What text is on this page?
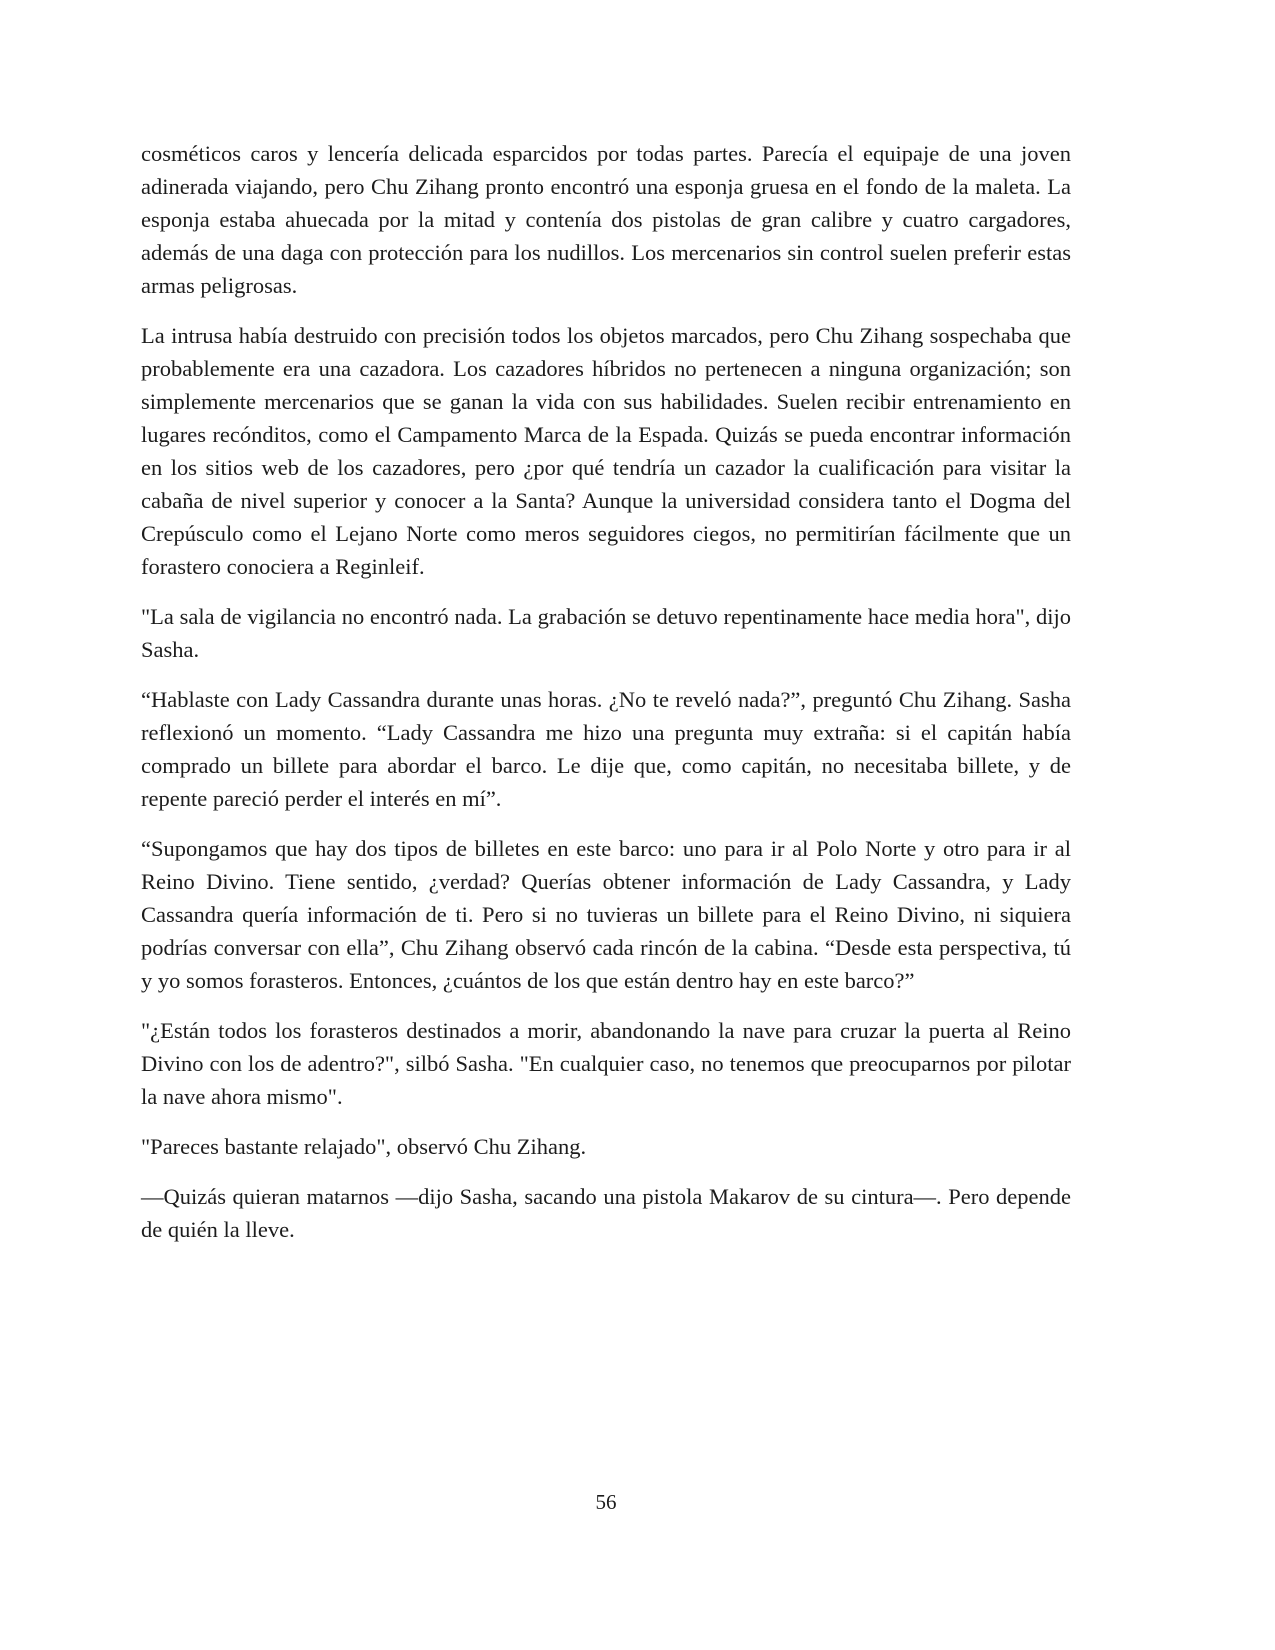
cosméticos caros y lencería delicada esparcidos por todas partes. Parecía el equipaje de una joven adinerada viajando, pero Chu Zihang pronto encontró una esponja gruesa en el fondo de la maleta. La esponja estaba ahuecada por la mitad y contenía dos pistolas de gran calibre y cuatro cargadores, además de una daga con protección para los nudillos. Los mercenarios sin control suelen preferir estas armas peligrosas.

La intrusa había destruido con precisión todos los objetos marcados, pero Chu Zihang sospechaba que probablemente era una cazadora. Los cazadores híbridos no pertenecen a ninguna organización; son simplemente mercenarios que se ganan la vida con sus habilidades. Suelen recibir entrenamiento en lugares recónditos, como el Campamento Marca de la Espada. Quizás se pueda encontrar información en los sitios web de los cazadores, pero ¿por qué tendría un cazador la cualificación para visitar la cabaña de nivel superior y conocer a la Santa? Aunque la universidad considera tanto el Dogma del Crepúsculo como el Lejano Norte como meros seguidores ciegos, no permitirían fácilmente que un forastero conociera a Reginleif.

"La sala de vigilancia no encontró nada. La grabación se detuvo repentinamente hace media hora", dijo Sasha.

“Hablaste con Lady Cassandra durante unas horas. ¿No te reveló nada?”, preguntó Chu Zihang. Sasha reflexionó un momento. “Lady Cassandra me hizo una pregunta muy extraña: si el capitán había comprado un billete para abordar el barco. Le dije que, como capitán, no necesitaba billete, y de repente pareció perder el interés en mí”.

“Supongamos que hay dos tipos de billetes en este barco: uno para ir al Polo Norte y otro para ir al Reino Divino. Tiene sentido, ¿verdad? Querías obtener información de Lady Cassandra, y Lady Cassandra quería información de ti. Pero si no tuvieras un billete para el Reino Divino, ni siquiera podrías conversar con ella”, Chu Zihang observó cada rincón de la cabina. “Desde esta perspectiva, tú y yo somos forasteros. Entonces, ¿cuántos de los que están dentro hay en este barco?”

"¿Están todos los forasteros destinados a morir, abandonando la nave para cruzar la puerta al Reino Divino con los de adentro?", silbó Sasha. "En cualquier caso, no tenemos que preocuparnos por pilotar la nave ahora mismo".

"Pareces bastante relajado", observó Chu Zihang.

—Quizás quieran matarnos —dijo Sasha, sacando una pistola Makarov de su cintura—. Pero depende de quién la lleve.

56
